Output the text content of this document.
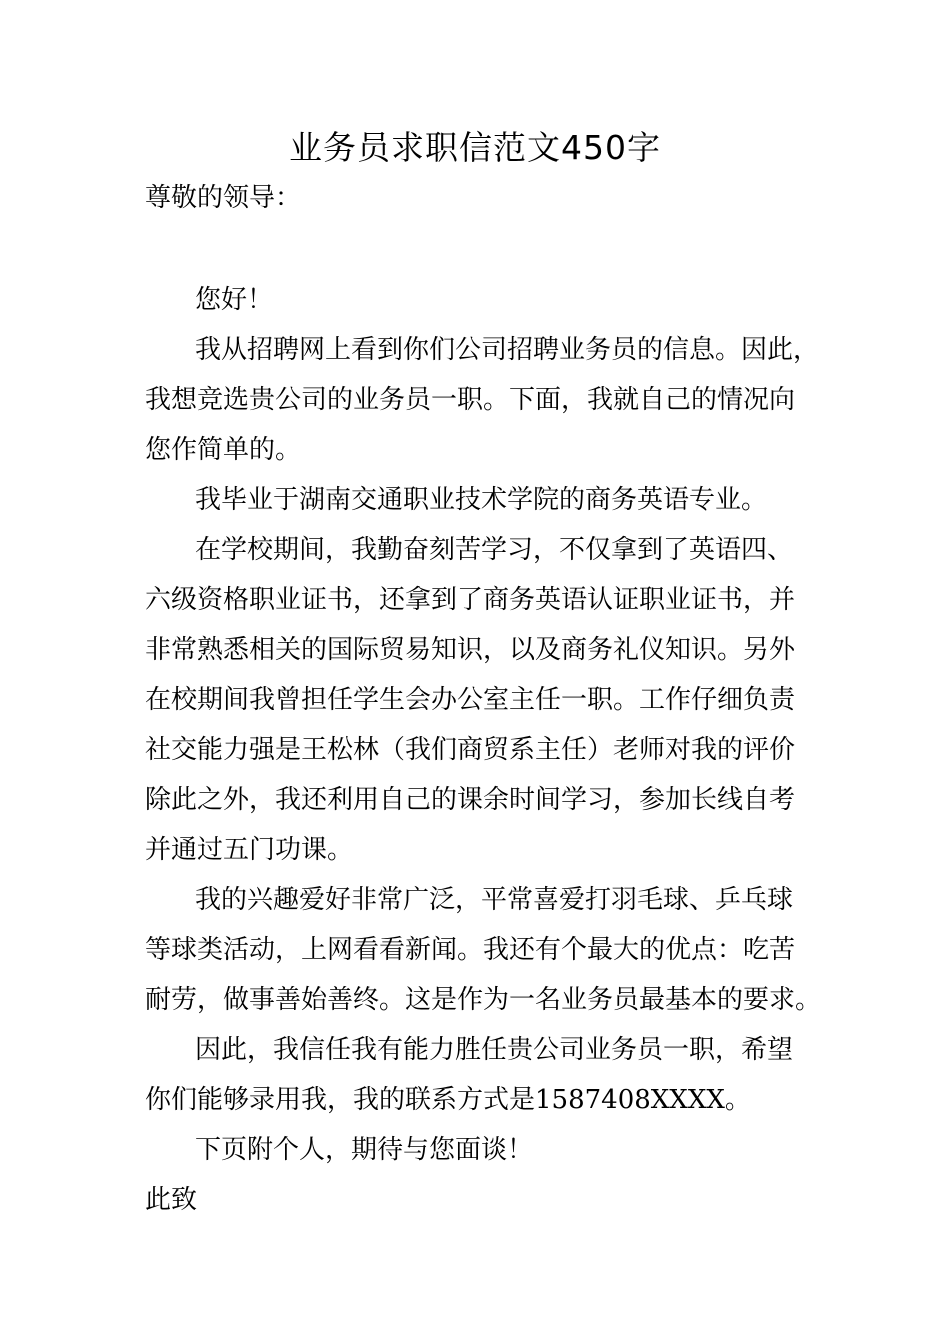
业务员求职信范文450字
尊敬的领导：
您好！
我从招聘网上看到你们公司招聘业务员的信息。因此，
我想竞选贵公司的业务员一职。下面，我就自己的情况向
您作简单的。
我毕业于湖南交通职业技术学院的商务英语专业。
在学校期间，我勤奋刻苦学习，不仅拿到了英语四、
六级资格职业证书，还拿到了商务英语认证职业证书，并
非常熟悉相关的国际贸易知识，以及商务礼仪知识。另外
在校期间我曾担任学生会办公室主任一职。工作仔细负责
社交能力强是王松林（我们商贸系主任）老师对我的评价
除此之外，我还利用自己的课余时间学习，参加长线自考
并通过五门功课。
我的兴趣爱好非常广泛，平常喜爱打羽毛球、乒乓球
等球类活动，上网看看新闻。我还有个最大的优点：吃苦
耐劳，做事善始善终。这是作为一名业务员最基本的要求。
因此，我信任我有能力胜任贵公司业务员一职，希望
你们能够录用我，我的联系方式是1587408XXXX。
下页附个人，期待与您面谈！
此致
